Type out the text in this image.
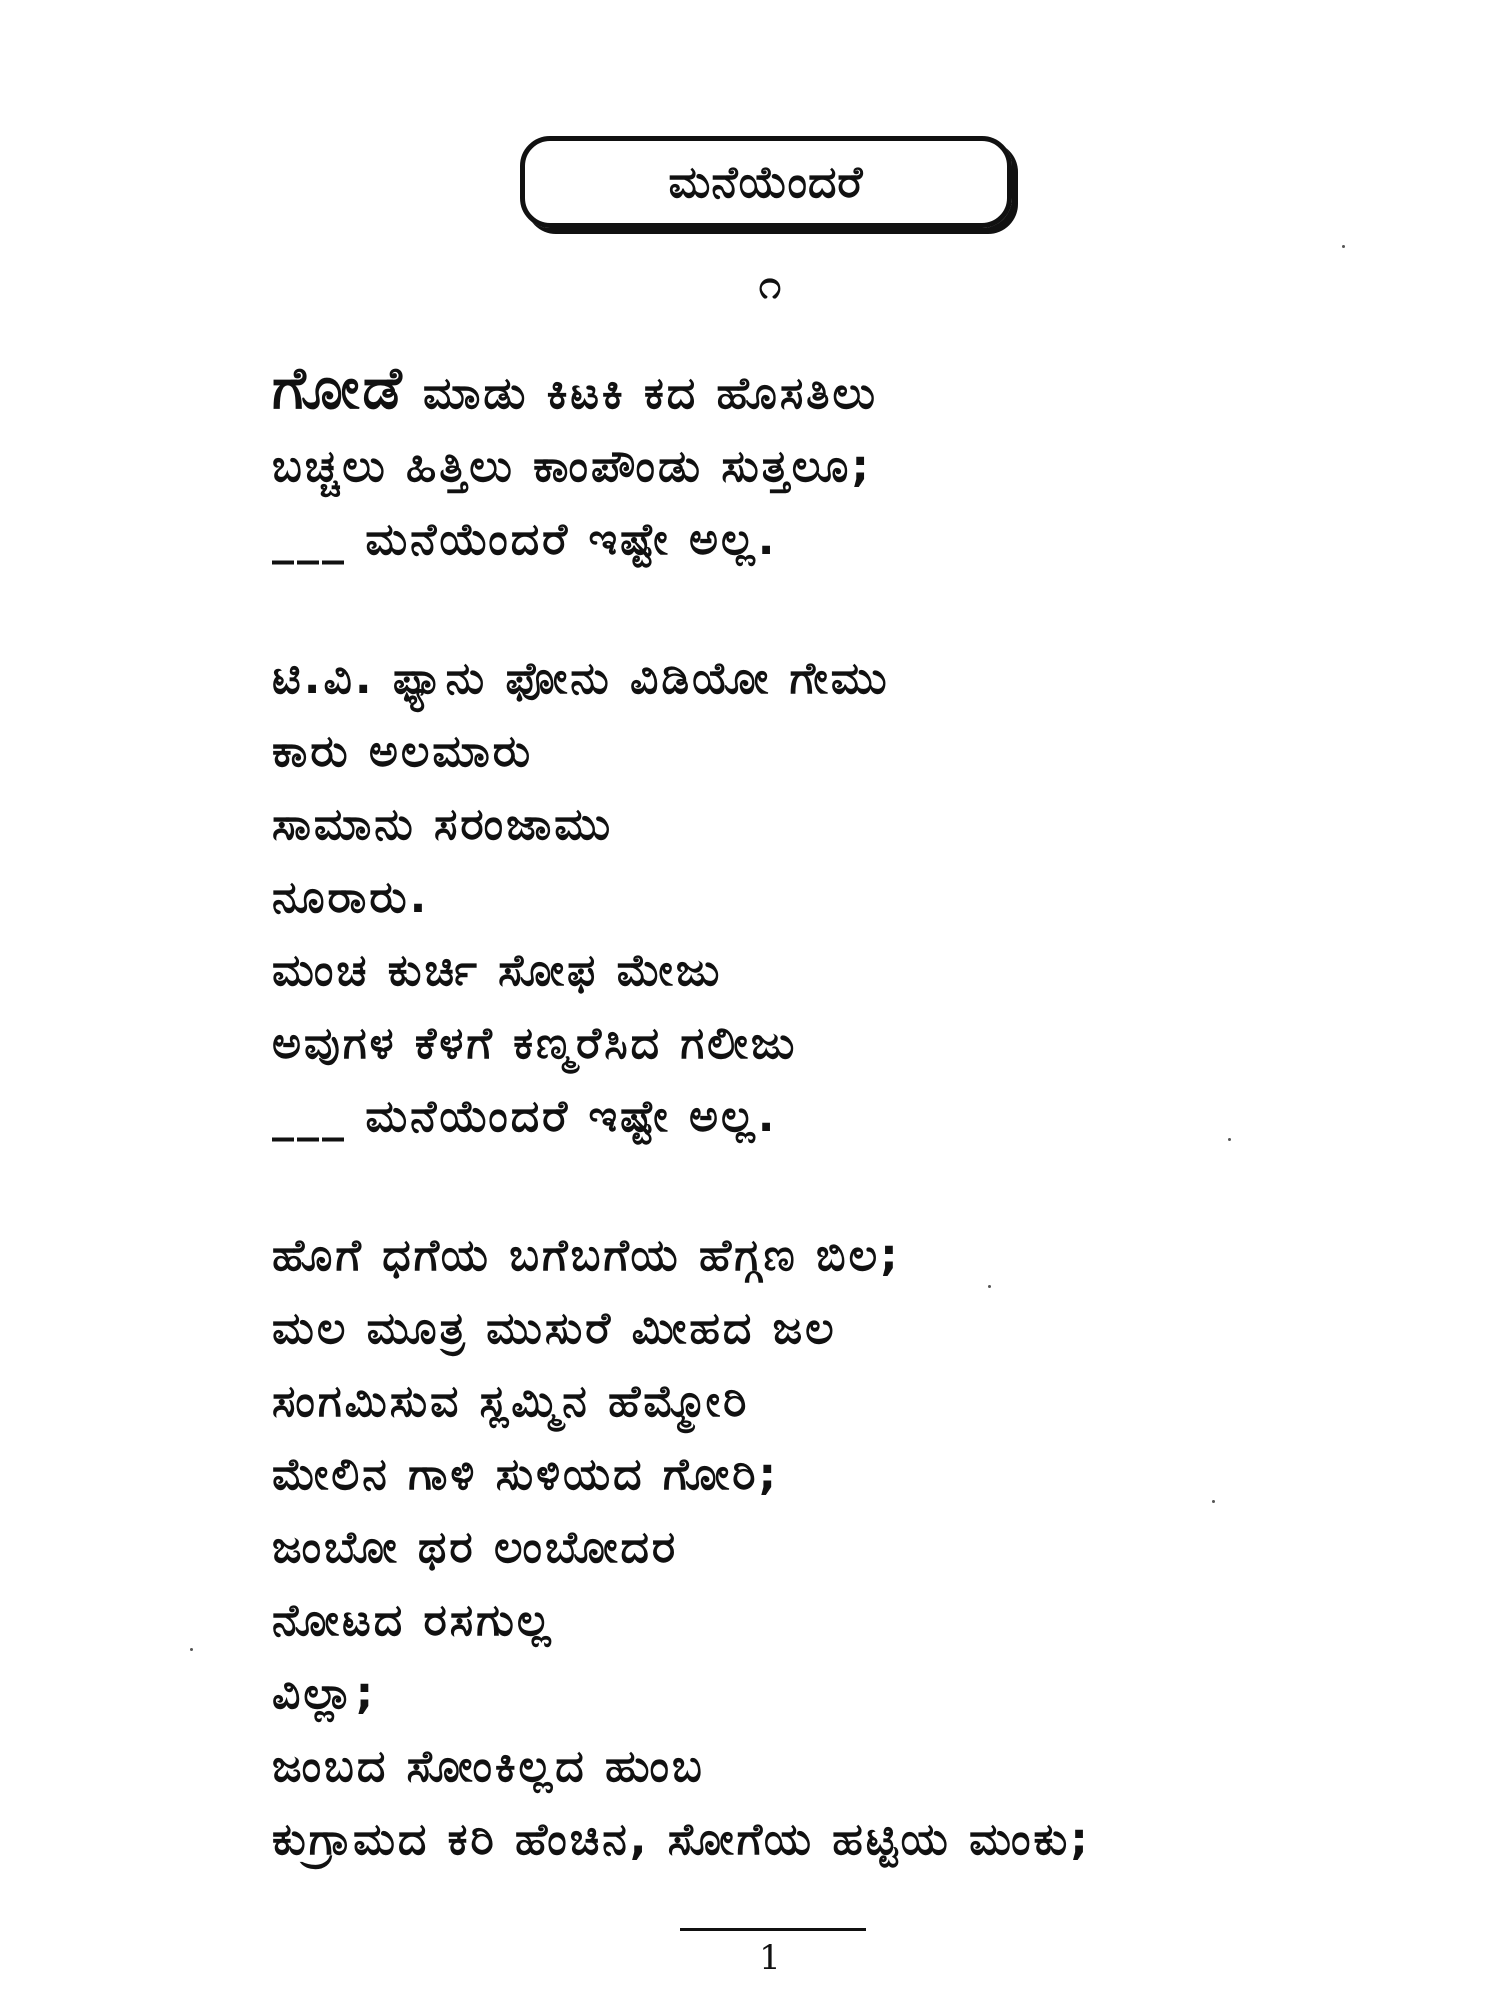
ಮನೆಯೆಂದರೆ
೧
ಗೋಡೆ ಮಾಡು ಕಿಟಕಿ ಕದ ಹೊಸತಿಲು
ಬಚ್ಚಲು ಹಿತ್ತಿಲು ಕಾಂಪೌಂಡು ಸುತ್ತಲೂ;
___ ಮನೆಯೆಂದರೆ ಇಷ್ಟೇ ಅಲ್ಲ.
ಟಿ.ವಿ. ಫ್ಯಾನು ಫೋನು ವಿಡಿಯೋ ಗೇಮು
ಕಾರು ಅಲಮಾರು
ಸಾಮಾನು ಸರಂಜಾಮು
ನೂರಾರು.
ಮಂಚ ಕುರ್ಚಿ ಸೋಫ ಮೇಜು
ಅವುಗಳ ಕೆಳಗೆ ಕಣ್ಮರೆಸಿದ ಗಲೀಜು
___ ಮನೆಯೆಂದರೆ ಇಷ್ಟೇ ಅಲ್ಲ.
ಹೊಗೆ ಧಗೆಯ ಬಗೆಬಗೆಯ ಹೆಗ್ಗಣ ಬಿಲ;
ಮಲ ಮೂತ್ರ ಮುಸುರೆ ಮೀಹದ ಜಲ
ಸಂಗಮಿಸುವ ಸ್ಲಮ್ಮಿನ ಹೆಮ್ಮೋರಿ
ಮೇಲಿನ ಗಾಳಿ ಸುಳಿಯದ ಗೋರಿ;
ಜಂಬೋ ಥರ ಲಂಬೋದರ
ನೋಟದ ರಸಗುಲ್ಲ
ವಿಲ್ಲಾ;
ಜಂಬದ ಸೋಂಕಿಲ್ಲದ ಹುಂಬ
ಕುಗ್ರಾಮದ ಕರಿ ಹೆಂಚಿನ, ಸೋಗೆಯ ಹಟ್ಟಿಯ ಮಂಕು;
1
